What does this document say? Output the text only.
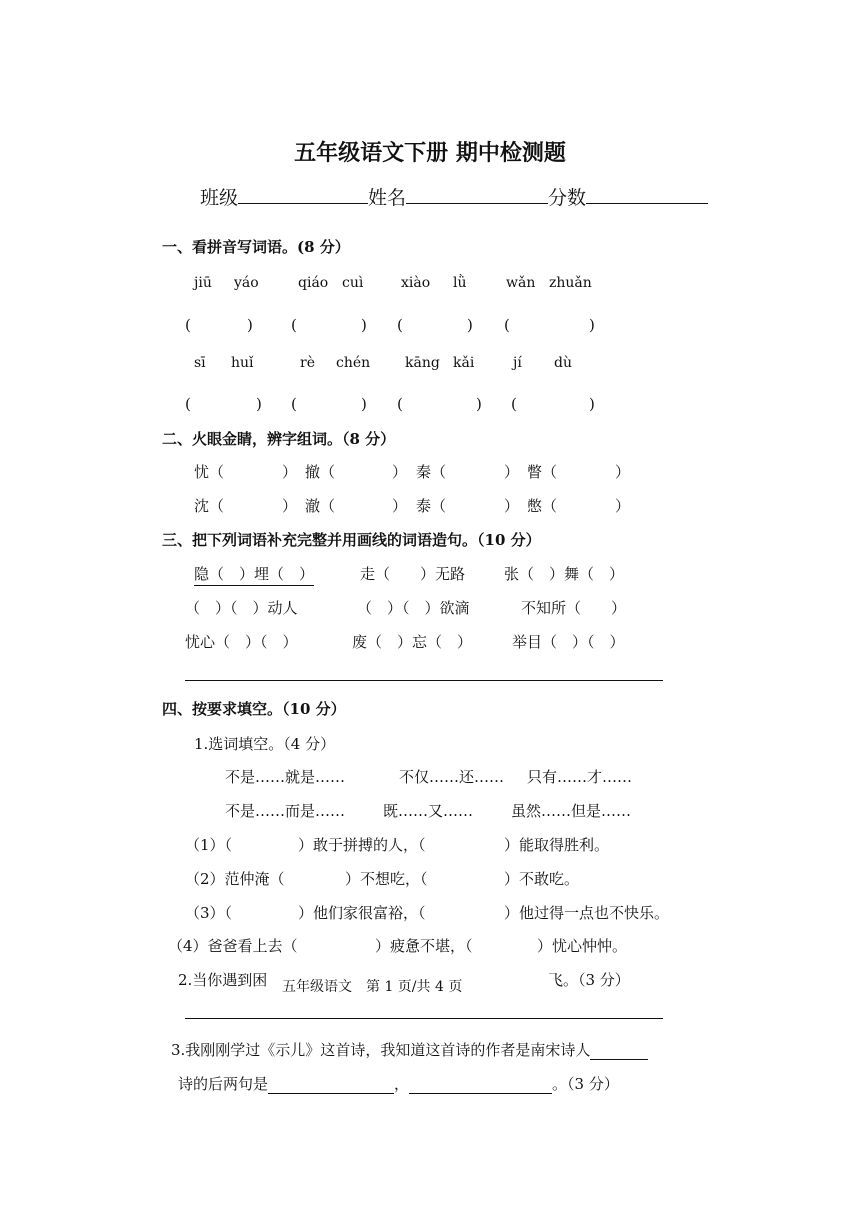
五年级语文下册 期中检测题
班级	姓名	分数
一、看拼音写词语。(8 分）
jiū yáo	qiáo cuì	xiào lǜ	wǎn zhuǎn
(	)	(	) (	) (	)
sī huǐ	rè chén kāng kǎi	jí dù
(	) (	) (	) (	)
二、火眼金睛，辨字组词。（8 分）
忧（	） 撤（	） 秦（	） 瞥（	）
沈（	） 澈（	） 泰（	） 憋（	）
三、把下列词语补充完整并用画线的词语造句。（10 分）
隐（　）埋（　）	走（　　）无路	张（　）舞（　）
（　）（　）动人	（　）（　）欲滴	不知所（　　）
忧心（　）（　）	废（　）忘（　）	举目（　）（　）
四、按要求填空。（10 分）
1.选词填空。（4 分）
不是……就是……	不仅……还…… 只有……才……
不是……而是……	既……又……	虽然……但是……
（1）（	）敢于拼搏的人，（	）能取得胜利。
（2）范仲淹（	）不想吃，（	）不敢吃。
（3）（	）他们家很富裕，（	）他过得一点也不快乐。
（4）爸爸看上去（	）疲惫不堪，（	）忧心忡忡。
2.当你遇到困 五年级语文　第 1 页/共 4 页	飞。（3 分）
3.我刚刚学过《示儿》这首诗，我知道这首诗的作者是南宋诗人
诗的后两句是	，	。（3 分）
